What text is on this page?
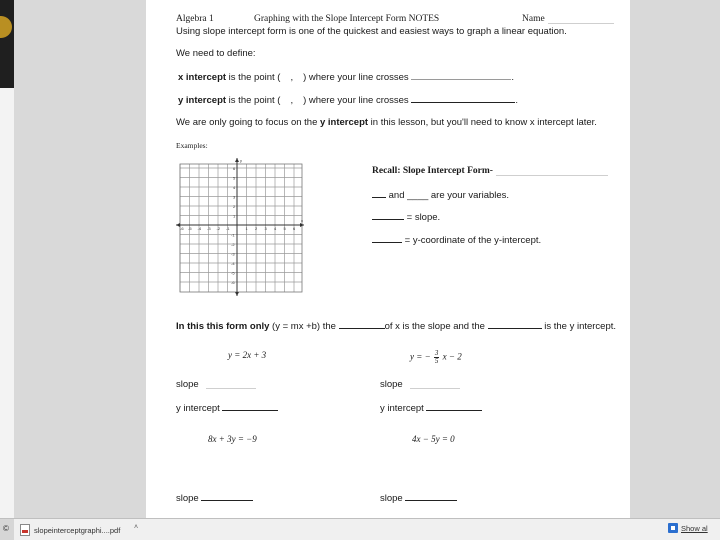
Algebra 1	Graphing with the Slope Intercept Form NOTES	Name
Using slope intercept form is one of the quickest and easiest ways to graph a linear equation.
We need to define:
x intercept is the point ( , ) where your line crosses	.
y intercept is the point ( , ) where your line crosses	.
We are only going to focus on the y intercept in this lesson, but you'll need to know x intercept later.
Examples:
y
x
6
5
4
3
2
1
-1
-2
-3
-4
-5
-6
-6 -5 -4 -3 -2 -1	1 2 3 4 5 6
Recall: Slope Intercept Form-
and ____ are your variables.
= slope.
= y-coordinate of the y-intercept.
In this this form only (y = mx +b) the	of x is the slope and the	is the y intercept.
y = 2x + 3	y = − $\frac{3}{5}$ x − 2
slope	slope
y intercept	y intercept
8x + 3y = −9	4x − 5y = 0
slope	slope
©	slopeinterceptgraphi....pdf ˄	Show al
